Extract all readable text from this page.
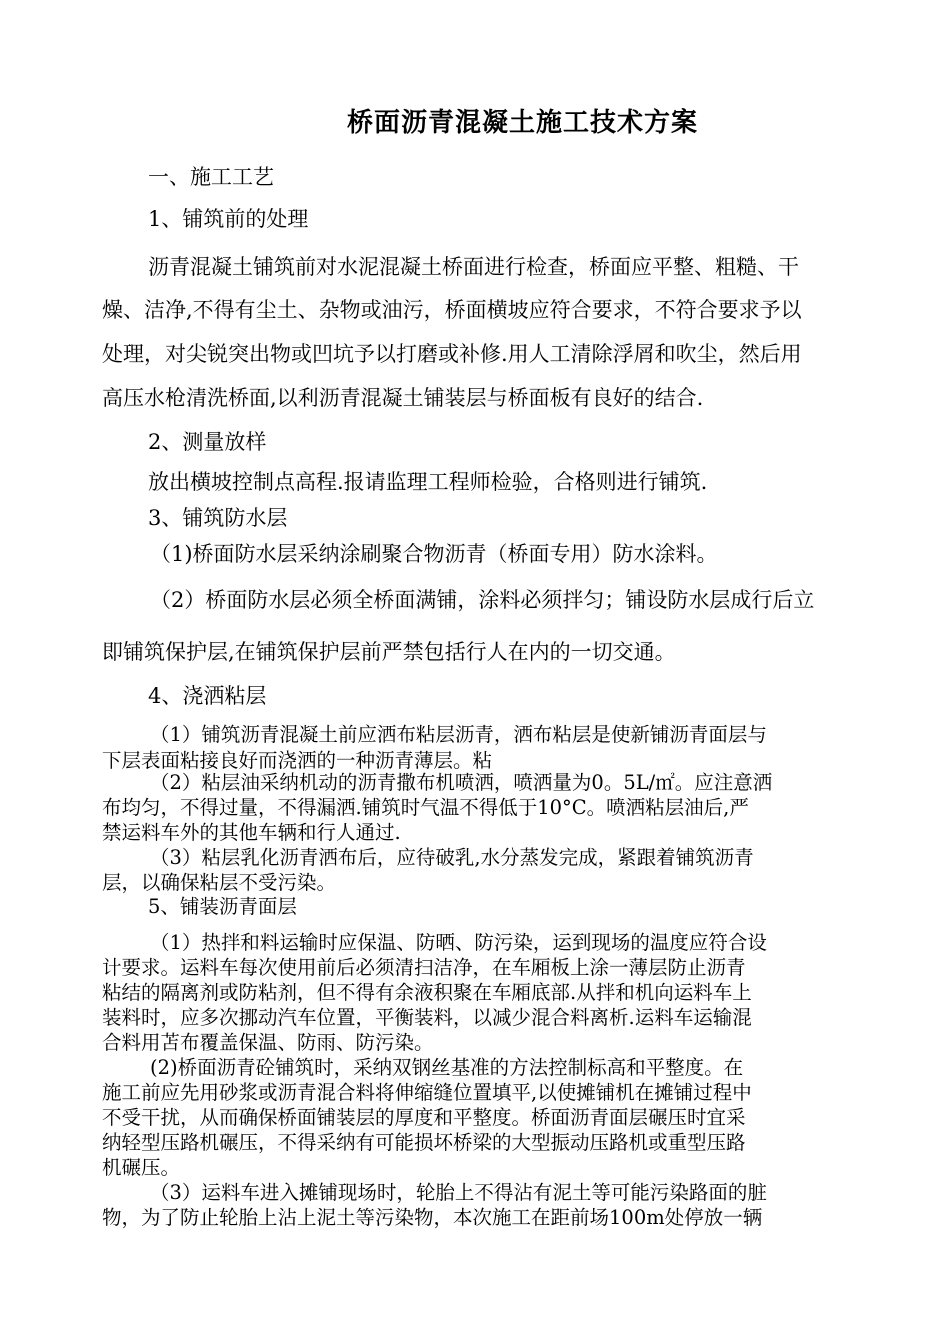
桥面沥青混凝土施工技术方案
一、施工工艺
1、铺筑前的处理
沥青混凝土铺筑前对水泥混凝土桥面进行检查，桥面应平整、粗糙、干
燥、洁净,不得有尘土、杂物或油污，桥面横坡应符合要求，不符合要求予以
处理，对尖锐突出物或凹坑予以打磨或补修.用人工清除浮屑和吹尘，然后用
高压水枪清洗桥面,以利沥青混凝土铺装层与桥面板有良好的结合.
2、测量放样
放出横坡控制点高程.报请监理工程师检验，合格则进行铺筑.
3、铺筑防水层
（1)桥面防水层采纳涂刷聚合物沥青（桥面专用）防水涂料。
（2）桥面防水层必须全桥面满铺，涂料必须拌匀；铺设防水层成行后立
即铺筑保护层,在铺筑保护层前严禁包括行人在内的一切交通。
4、浇洒粘层
（1）铺筑沥青混凝土前应洒布粘层沥青，洒布粘层是使新铺沥青面层与
下层表面粘接良好而浇洒的一种沥青薄层。粘
（2）粘层油采纳机动的沥青撒布机喷洒，喷洒量为0。5L/㎡。应注意洒
布均匀，不得过量，不得漏洒.铺筑时气温不得低于10°C。喷洒粘层油后,严
禁运料车外的其他车辆和行人通过.
（3）粘层乳化沥青洒布后，应待破乳,水分蒸发完成，紧跟着铺筑沥青
层，以确保粘层不受污染。
5、铺装沥青面层
（1）热拌和料运输时应保温、防晒、防污染，运到现场的温度应符合设
计要求。运料车每次使用前后必须清扫洁净，在车厢板上涂一薄层防止沥青
粘结的隔离剂或防粘剂，但不得有余液积聚在车厢底部.从拌和机向运料车上
装料时，应多次挪动汽车位置，平衡装料，以减少混合料离析.运料车运输混
合料用苫布覆盖保温、防雨、防污染。
(2)桥面沥青砼铺筑时，采纳双钢丝基准的方法控制标高和平整度。在
施工前应先用砂浆或沥青混合料将伸缩缝位置填平,以使摊铺机在摊铺过程中
不受干扰，从而确保桥面铺装层的厚度和平整度。桥面沥青面层碾压时宜采
纳轻型压路机碾压，不得采纳有可能损坏桥梁的大型振动压路机或重型压路
机碾压。
（3）运料车进入摊铺现场时，轮胎上不得沾有泥土等可能污染路面的脏
物，为了防止轮胎上沾上泥土等污染物，本次施工在距前场100m处停放一辆
